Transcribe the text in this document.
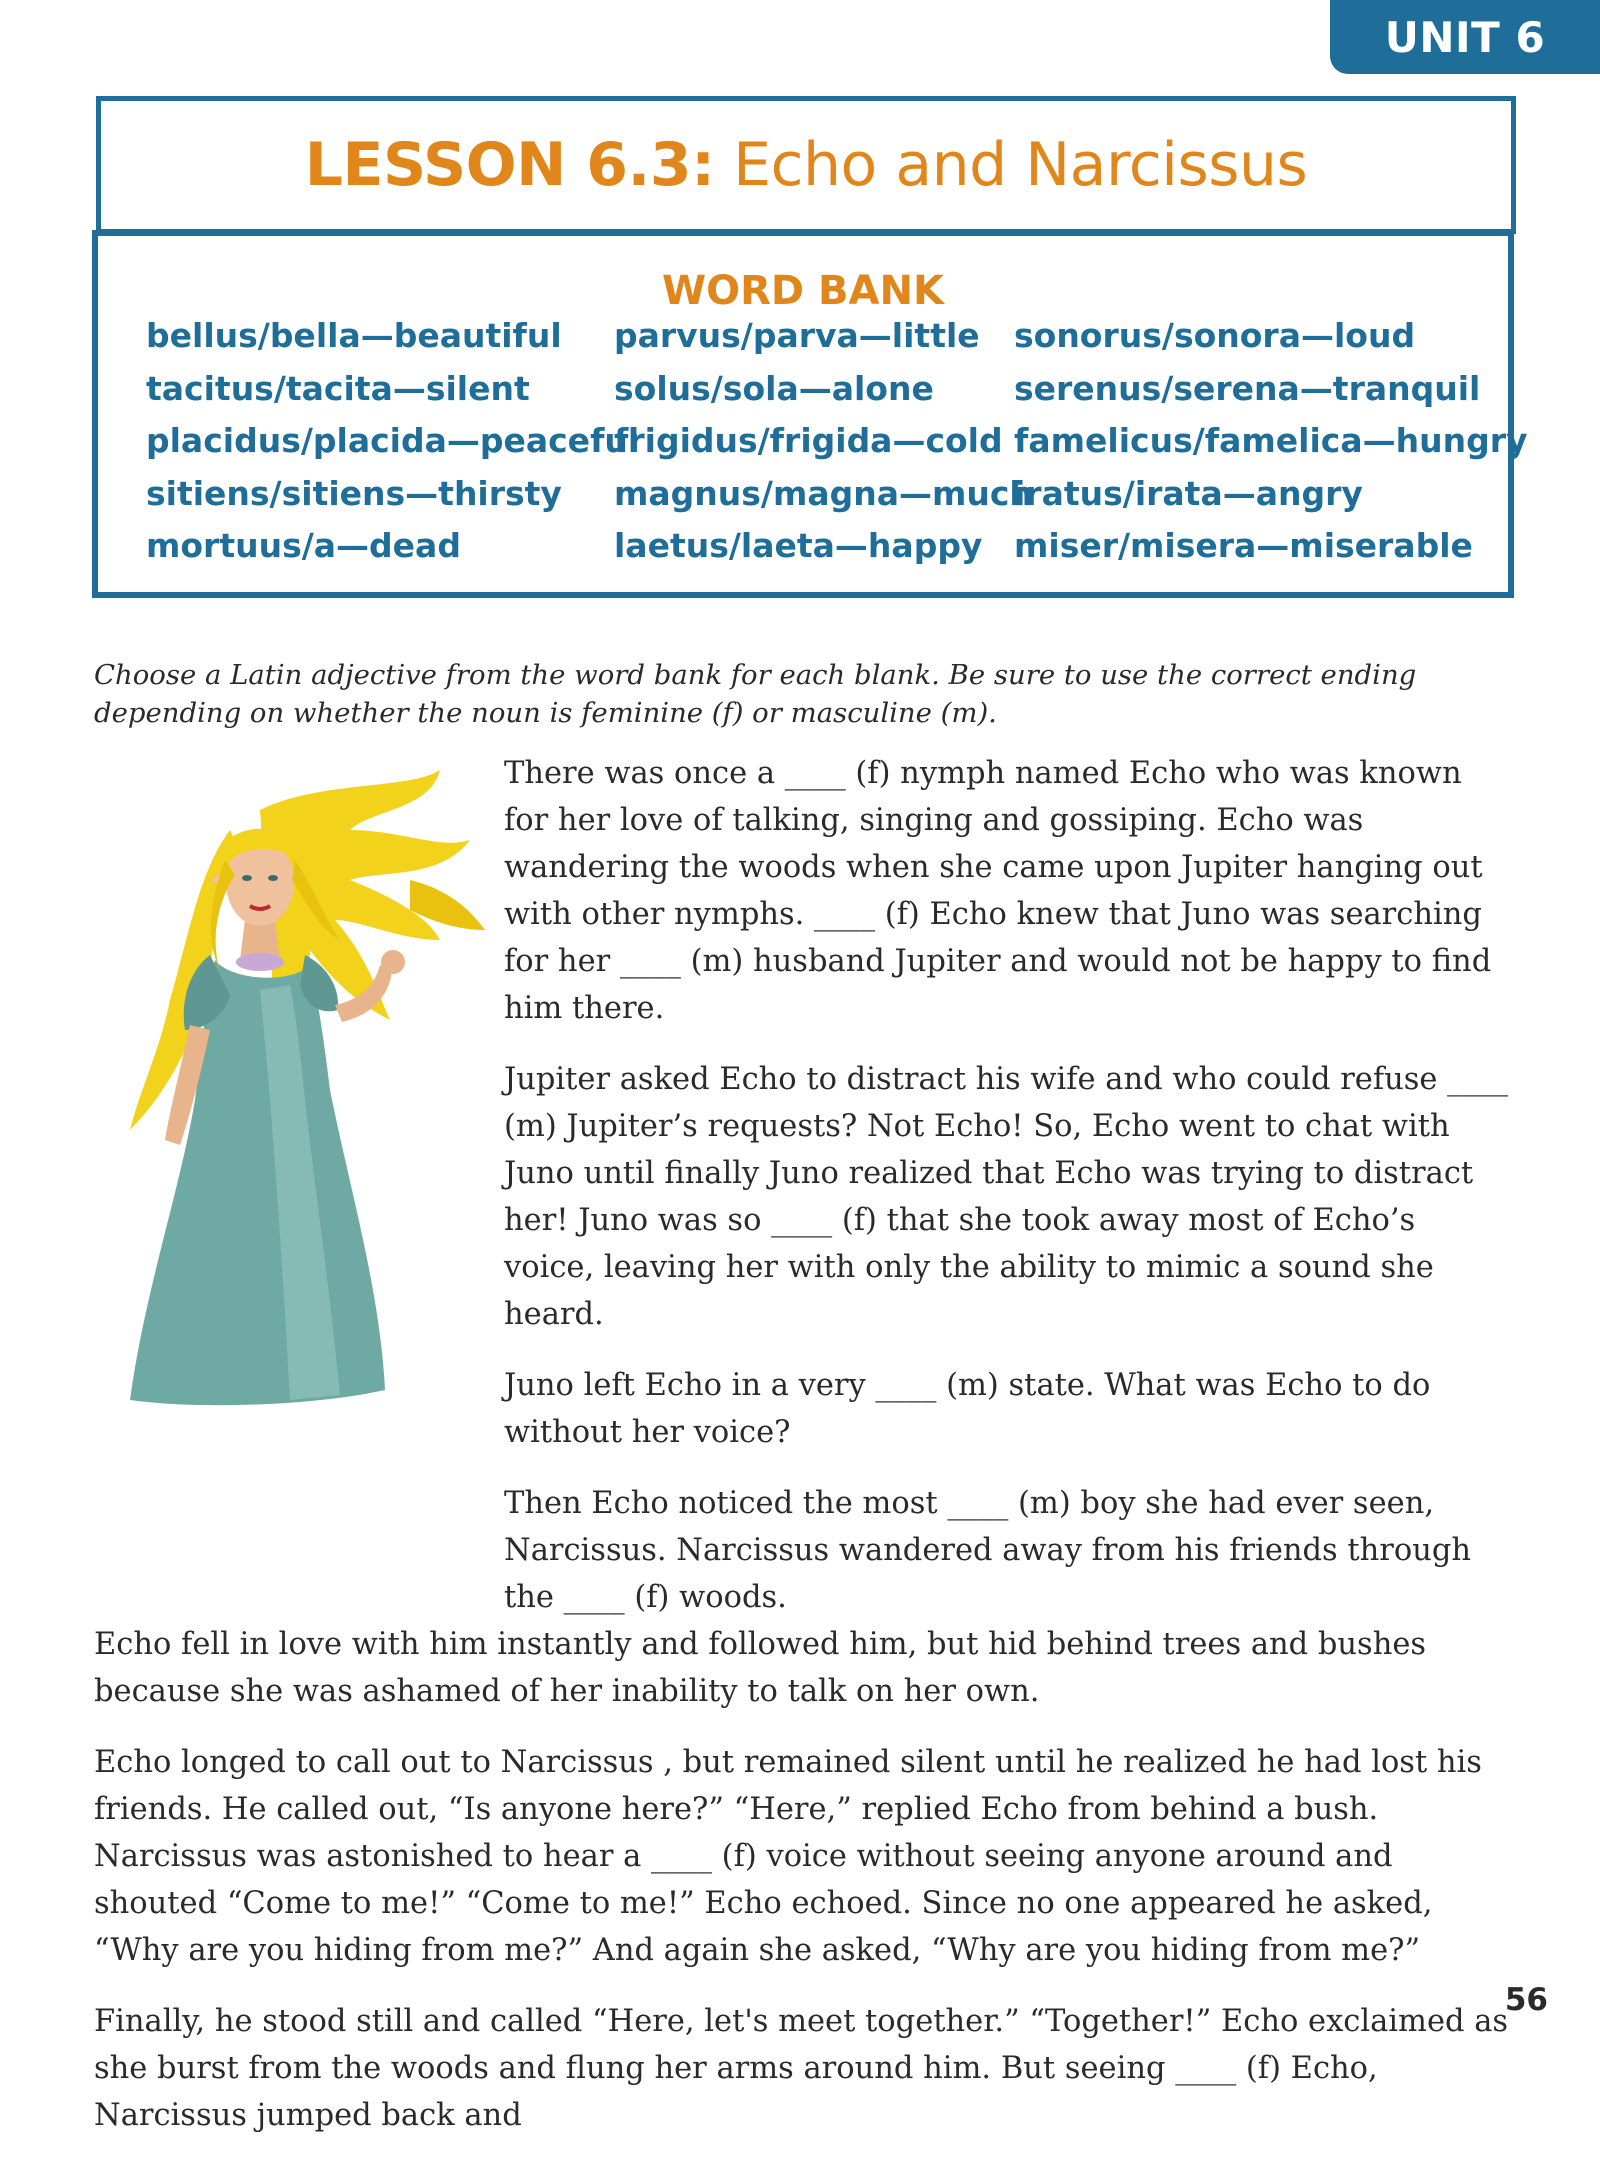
UNIT 6
LESSON 6.3: Echo and Narcissus
WORD BANK
bellus/bella—beautiful
tacitus/tacita—silent
placidus/placida—peaceful
sitiens/sitiens—thirsty
mortuus/a—dead
parvus/parva—little
solus/sola—alone
frigidus/frigida—cold
magnus/magna—much
laetus/laeta—happy
sonorus/sonora—loud
serenus/serena—tranquil
famelicus/famelica—hungry
iratus/irata—angry
miser/misera—miserable
Choose a Latin adjective from the word bank for each blank. Be sure to use the correct ending depending on whether the noun is feminine (f) or masculine (m).

There was once a ____ (f) nymph named Echo who was known for her love of talking, singing and gossiping. Echo was wandering the woods when she came upon Jupiter hanging out with other nymphs. ____ (f) Echo knew that Juno was searching for her ____ (m) husband Jupiter and would not be happy to find him there.

Jupiter asked Echo to distract his wife and who could refuse ____ (m) Jupiter’s requests? Not Echo! So, Echo went to chat with Juno until finally Juno realized that Echo was trying to distract her! Juno was so ____ (f) that she took away most of Echo’s voice, leaving her with only the ability to mimic a sound she heard.

Juno left Echo in a very ____ (m) state. What was Echo to do without her voice?

Then Echo noticed the most ____ (m) boy she had ever seen, Narcissus. Narcissus wandered away from his friends through the ____ (f) woods.

Echo fell in love with him instantly and followed him, but hid behind trees and bushes because she was ashamed of her inability to talk on her own.

Echo longed to call out to Narcissus , but remained silent until he realized he had lost his friends. He called out, “Is anyone here?” “Here,” replied Echo from behind a bush. Narcissus was astonished to hear a ____ (f) voice without seeing anyone around and shouted “Come to me!” “Come to me!” Echo echoed. Since no one appeared he asked, “Why are you hiding from me?” And again she asked, “Why are you hiding from me?”

Finally, he stood still and called “Here, let's meet together.” “Together!” Echo exclaimed as she burst from the woods and flung her arms around him. But seeing ____ (f) Echo, Narcissus jumped back and

56
